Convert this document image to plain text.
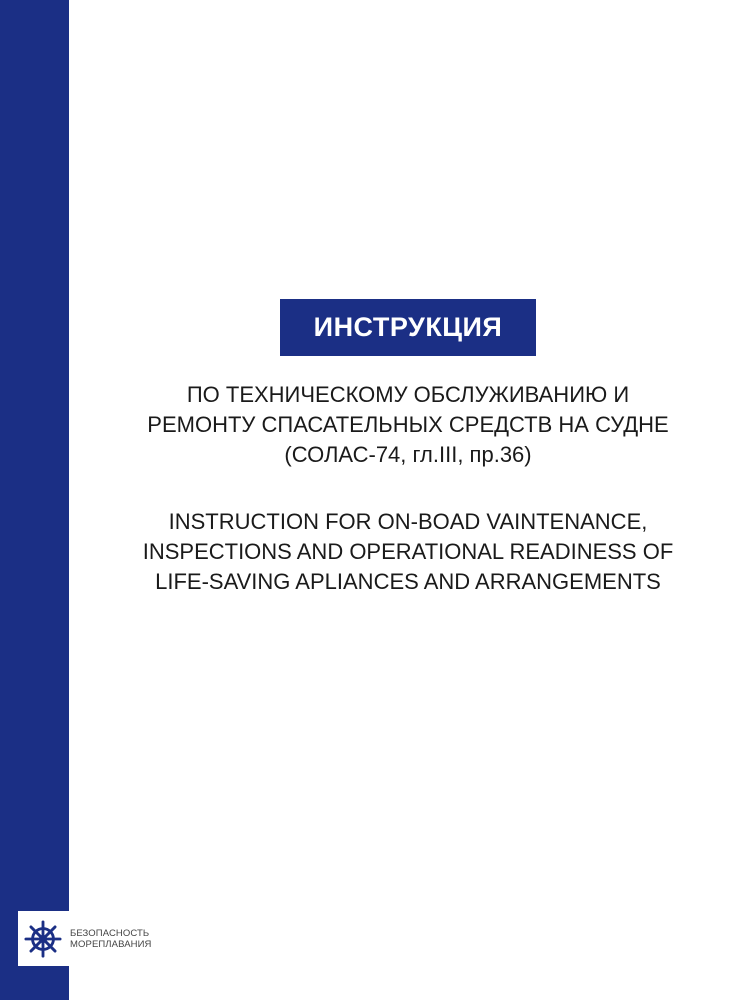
ИНСТРУКЦИЯ
ПО ТЕХНИЧЕСКОМУ ОБСЛУЖИВАНИЮ И
РЕМОНТУ СПАСАТЕЛЬНЫХ СРЕДСТВ НА СУДНЕ
(СОЛАС-74, гл.III, пр.36)
INSTRUCTION FOR ON-BOAD VAINTENANCE,
INSPECTIONS AND OPERATIONAL READINESS OF
LIFE-SAVING APLIANCES AND ARRANGEMENTS
БЕЗОПАСНОСТЬ
МОРЕПЛАВАНИЯ
